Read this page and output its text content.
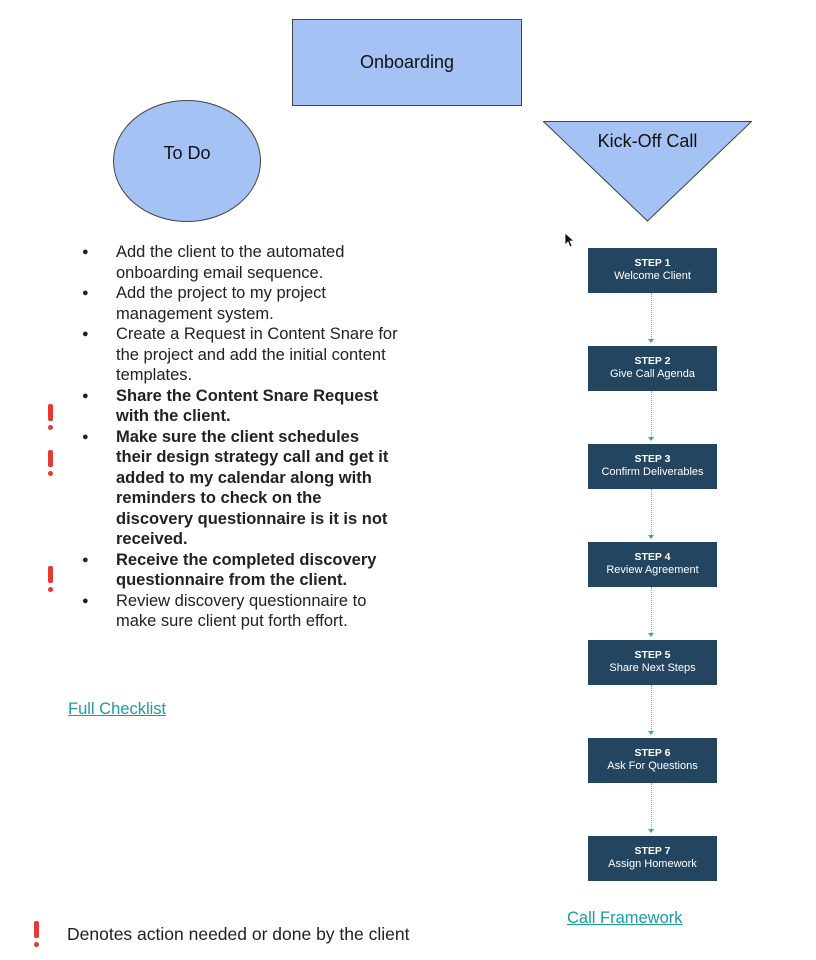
Onboarding
To Do
Kick-Off Call
● Add the client to the automated onboarding email sequence.
● Add the project to my project management system.
● Create a Request in Content Snare for the project and add the initial content templates.
● Share the Content Snare Request with the client.
● Make sure the client schedules their design strategy call and get it added to my calendar along with reminders to check on the discovery questionnaire is it is not received.
● Receive the completed discovery questionnaire from the client.
● Review discovery questionnaire to make sure client put forth effort.
Full Checklist
STEP 1
Welcome Client
STEP 2
Give Call Agenda
STEP 3
Confirm Deliverables
STEP 4
Review Agreement
STEP 5
Share Next Steps
STEP 6
Ask For Questions
STEP 7
Assign Homework
Call Framework
Denotes action needed or done by the client
